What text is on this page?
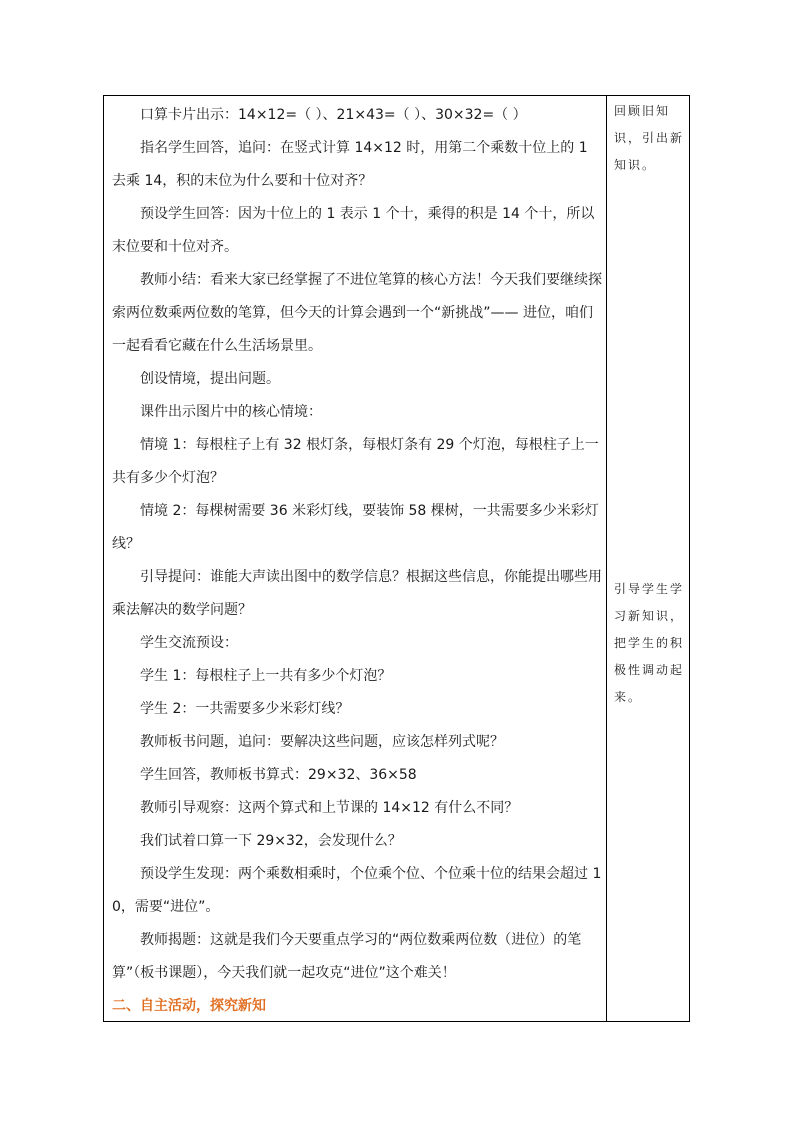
口算卡片出示：14×12=（ ）、21×43=（ ）、30×32=（ ）

指名学生回答，追问：在竖式计算 14×12 时，用第二个乘数十位上的 1 去乘 14，积的末位为什么要和十位对齐？

预设学生回答：因为十位上的 1 表示 1 个十，乘得的积是 14 个十，所以末位要和十位对齐。

教师小结：看来大家已经掌握了不进位笔算的核心方法！今天我们要继续探索两位数乘两位数的笔算，但今天的计算会遇到一个“新挑战”—— 进位，咱们一起看看它藏在什么生活场景里。

创设情境，提出问题。

课件出示图片中的核心情境：

情境 1：每根柱子上有 32 根灯条，每根灯条有 29 个灯泡，每根柱子上一共有多少个灯泡？

情境 2：每棵树需要 36 米彩灯线，要装饰 58 棵树，一共需要多少米彩灯线？

引导提问：谁能大声读出图中的数学信息？根据这些信息，你能提出哪些用乘法解决的数学问题？

学生交流预设：

学生 1：每根柱子上一共有多少个灯泡？

学生 2：一共需要多少米彩灯线？

教师板书问题，追问：要解决这些问题，应该怎样列式呢？

学生回答，教师板书算式：29×32、36×58

教师引导观察：这两个算式和上节课的 14×12 有什么不同？

我们试着口算一下 29×32，会发现什么？

预设学生发现：两个乘数相乘时，个位乘个位、个位乘十位的结果会超过 10，需要“进位”。

教师揭题：这就是我们今天要重点学习的“两位数乘两位数（进位）的笔算”（板书课题），今天我们就一起攻克“进位”这个难关！

二、自主活动，探究新知

回顾旧知识，引出新知识。
引导学生学习新知识，把学生的积极性调动起来。
